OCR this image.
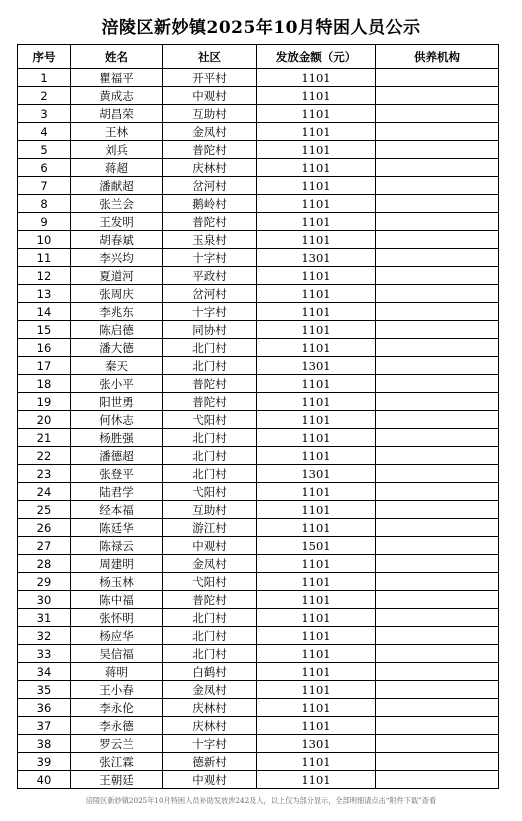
涪陵区新妙镇2025年10月特困人员公示
序号	姓名	社区	发放金额（元）	供养机构
1	瞿福平	开平村	1101	
2	黄成志	中观村	1101	
3	胡昌荣	互助村	1101	
4	王林	金凤村	1101	
5	刘兵	普陀村	1101	
6	蒋超	庆林村	1101	
7	潘献超	岔河村	1101	
8	张兰会	鹅岭村	1101	
9	王发明	普陀村	1101	
10	胡春斌	玉泉村	1101	
11	李兴均	十字村	1301	
12	夏道河	平政村	1101	
13	张周庆	岔河村	1101	
14	李兆东	十字村	1101	
15	陈启德	同协村	1101	
16	潘大德	北门村	1101	
17	秦天	北门村	1301	
18	张小平	普陀村	1101	
19	阳世勇	普陀村	1101	
20	何休志	弋阳村	1101	
21	杨胜强	北门村	1101	
22	潘德超	北门村	1101	
23	张登平	北门村	1301	
24	陆君学	弋阳村	1101	
25	经本福	互助村	1101	
26	陈廷华	游江村	1101	
27	陈禄云	中观村	1501	
28	周建明	金凤村	1101	
29	杨玉林	弋阳村	1101	
30	陈中福	普陀村	1101	
31	张怀明	北门村	1101	
32	杨应华	北门村	1101	
33	吴信福	北门村	1101	
34	蒋明	白鹤村	1101	
35	王小春	金凤村	1101	
36	李永伦	庆林村	1101	
37	李永德	庆林村	1101	
38	罗云兰	十字村	1301	
39	张江霖	德新村	1101	
40	王朝廷	中观村	1101	
涪陵区新妙镇2025年10月特困人员补助发放涉242及人，以上仅为部分显示，全部明细请点击“附件下载”查看
